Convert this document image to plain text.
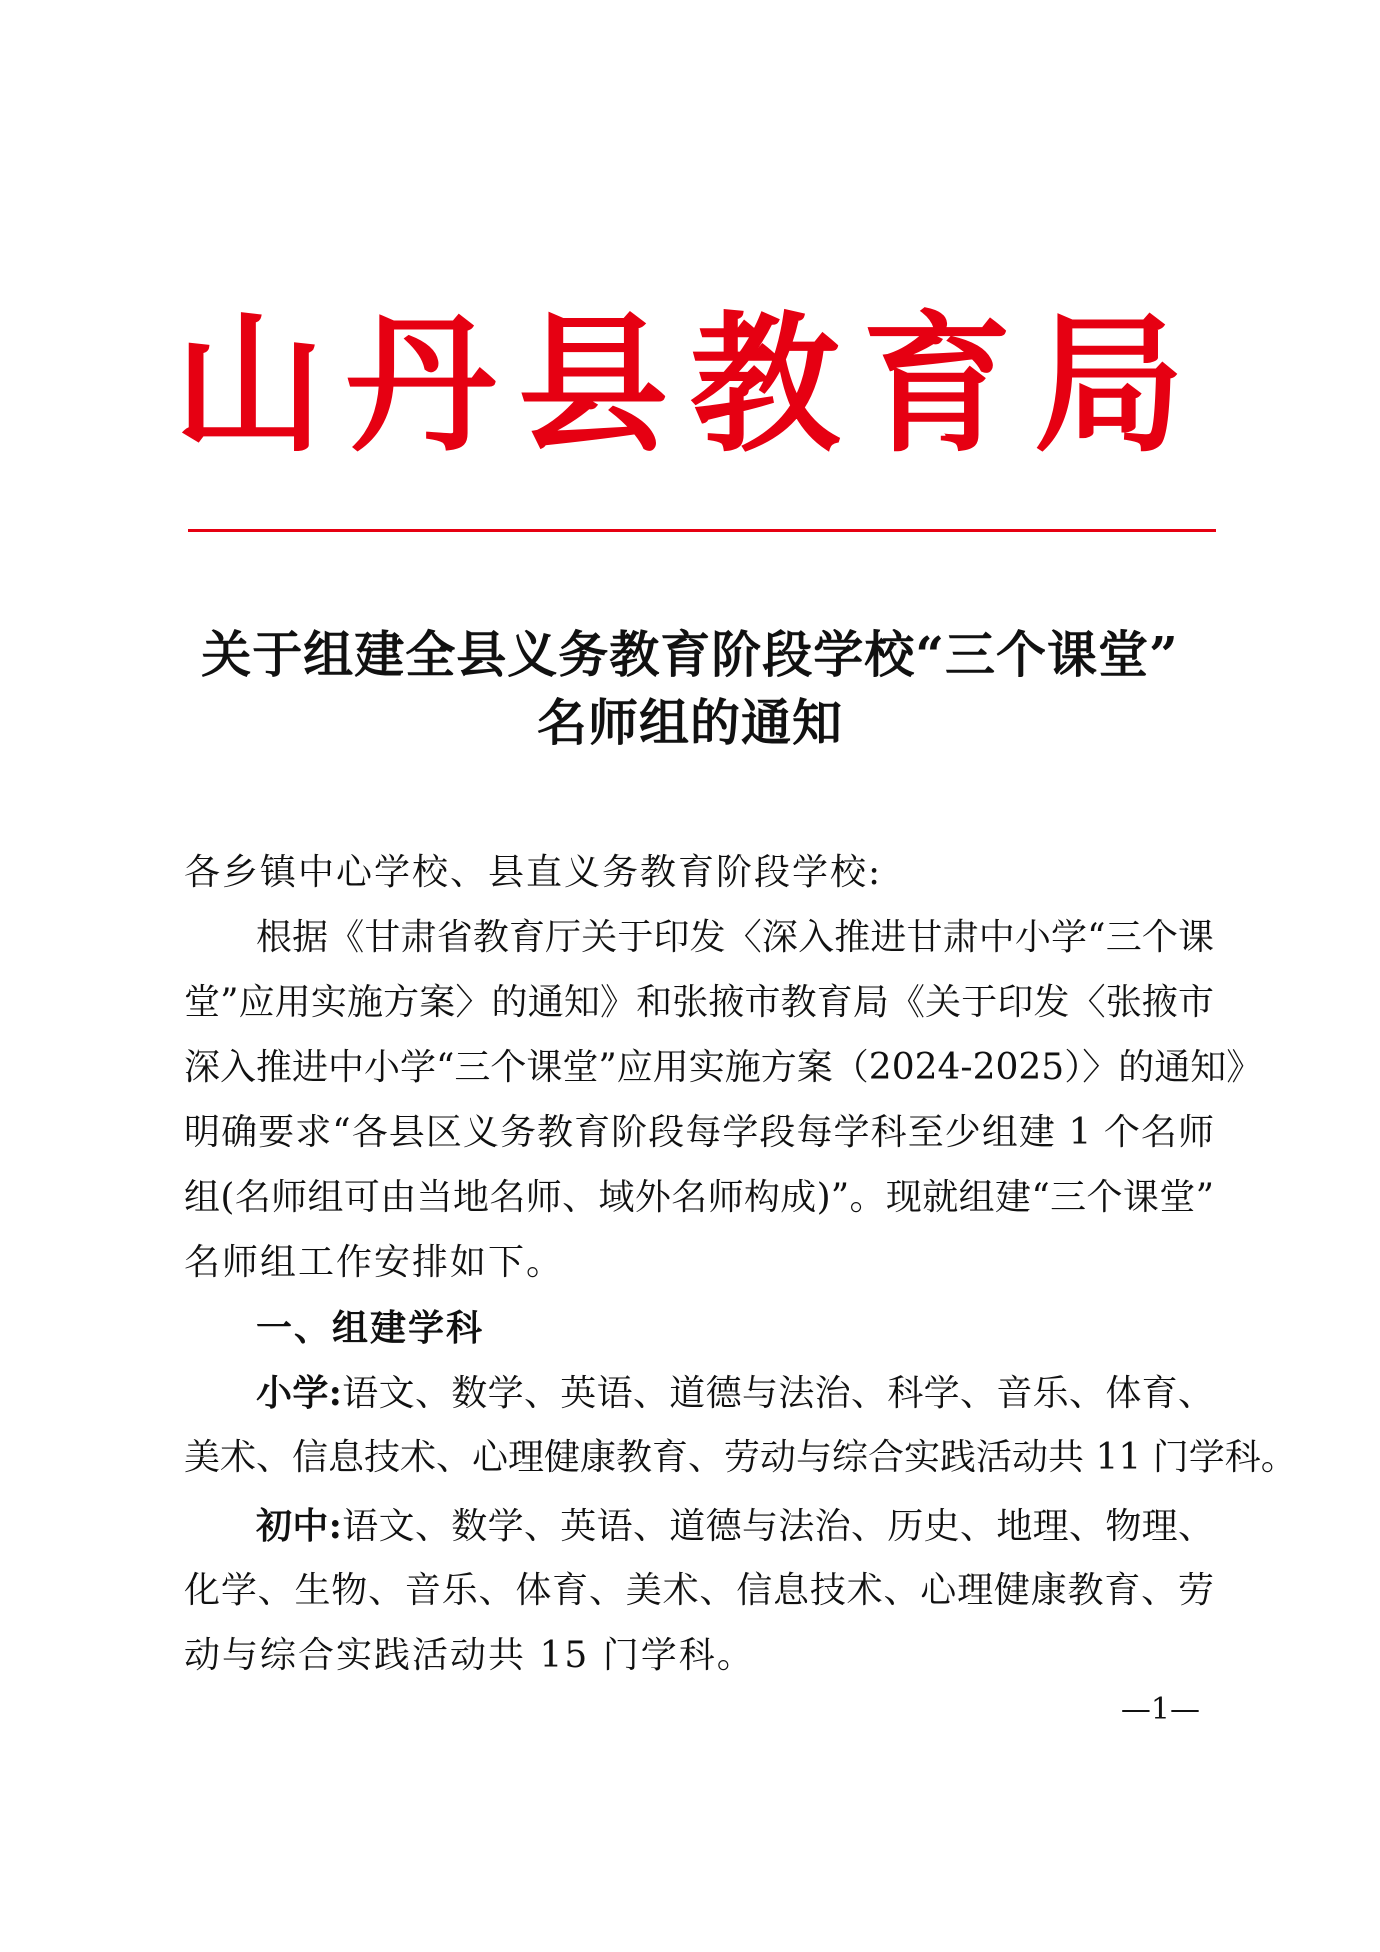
山丹县教育局
关于组建全县义务教育阶段学校“三个课堂”
名师组的通知
各乡镇中心学校、县直义务教育阶段学校:
根据《甘肃省教育厅关于印发〈深入推进甘肃中小学“三个课
堂”应用实施方案〉的通知》和张掖市教育局《关于印发〈张掖市
深入推进中小学“三个课堂”应用实施方案（2024-2025）〉的通知》
明确要求“各县区义务教育阶段每学段每学科至少组建 1 个名师
组(名师组可由当地名师、域外名师构成)”。现就组建“三个课堂”
名师组工作安排如下。
一、组建学科
小学:语文、数学、英语、道德与法治、科学、音乐、体育、
美术、信息技术、心理健康教育、劳动与综合实践活动共 11 门学科。
初中:语文、数学、英语、道德与法治、历史、地理、物理、
化学、生物、音乐、体育、美术、信息技术、心理健康教育、劳
动与综合实践活动共 15 门学科。
—1—
